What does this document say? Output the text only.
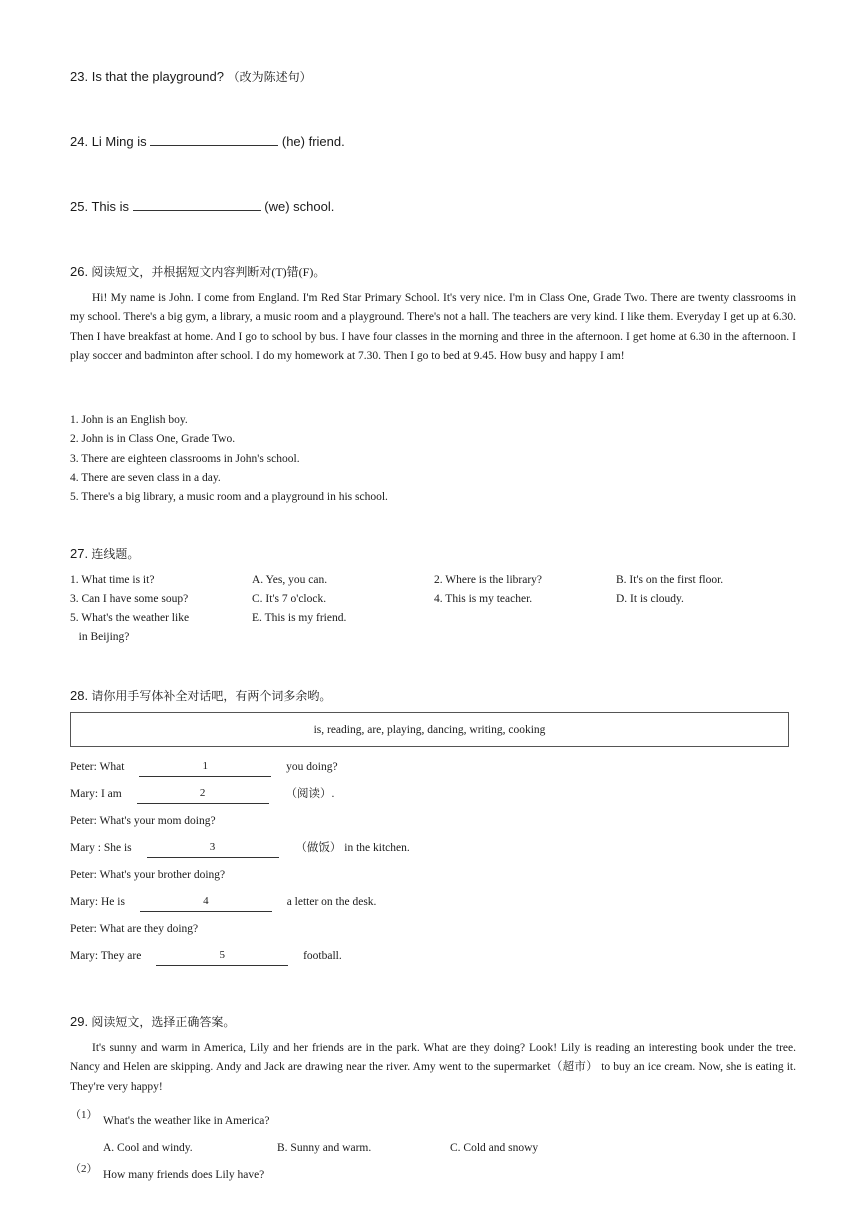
23. Is that the playground? （改为陈述句）
24. Li Ming is	(he) friend.
25. This is	(we) school.
26. 阅读短文，并根据短文内容判断对(T)错(F)。
Hi! My name is John. I come from England. I'm Red Star Primary School. It's very nice. I'm in Class One, Grade Two. There are twenty classrooms in my school. There's a big gym, a library, a music room and a playground. There's not a hall. The teachers are very kind. I like them. Everyday I get up at 6.30. Then I have breakfast at home. And I go to school by bus. I have four classes in the morning and three in the afternoon. I get home at 6.30 in the afternoon. I play soccer and badminton after school. I do my homework at 7.30. Then I go to bed at 9.45. How busy and happy I am!
1. John is an English boy.
2. John is in Class One, Grade Two.
3. There are eighteen classrooms in John's school.
4. There are seven class in a day.
5. There's a big library, a music room and a playground in his school.
27. 连线题。
1. What time is it?	A. Yes, you can.	2. Where is the library?	B. It's on the first floor.
3. Can I have some soup?	C. It's 7 o'clock.	4. This is my teacher.	D. It is cloudy.
5. What's the weather like	E. This is my friend.
in Beijing?
28. 请你用手写体补全对话吧，有两个词多余哟。
is, reading, are, playing, dancing, writing, cooking
Peter: What	1	you doing?
Mary: I am	2	（阅读）.
Peter: What's your mom doing?
Mary : She is	3	（做饭） in the kitchen.
Peter: What's your brother doing?
Mary: He is	4	a letter on the desk.
Peter: What are they doing?
Mary: They are	5	football.
29. 阅读短文，选择正确答案。
It's sunny and warm in America, Lily and her friends are in the park. What are they doing? Look! Lily is reading an interesting book under the tree. Nancy and Helen are skipping. Andy and Jack are drawing near the river. Amy went to the supermarket（超市） to buy an ice cream. Now, she is eating it. They're very happy!
（1） What's the weather like in America?
A. Cool and windy.	B. Sunny and warm.	C. Cold and snowy
（2） How many friends does Lily have?
